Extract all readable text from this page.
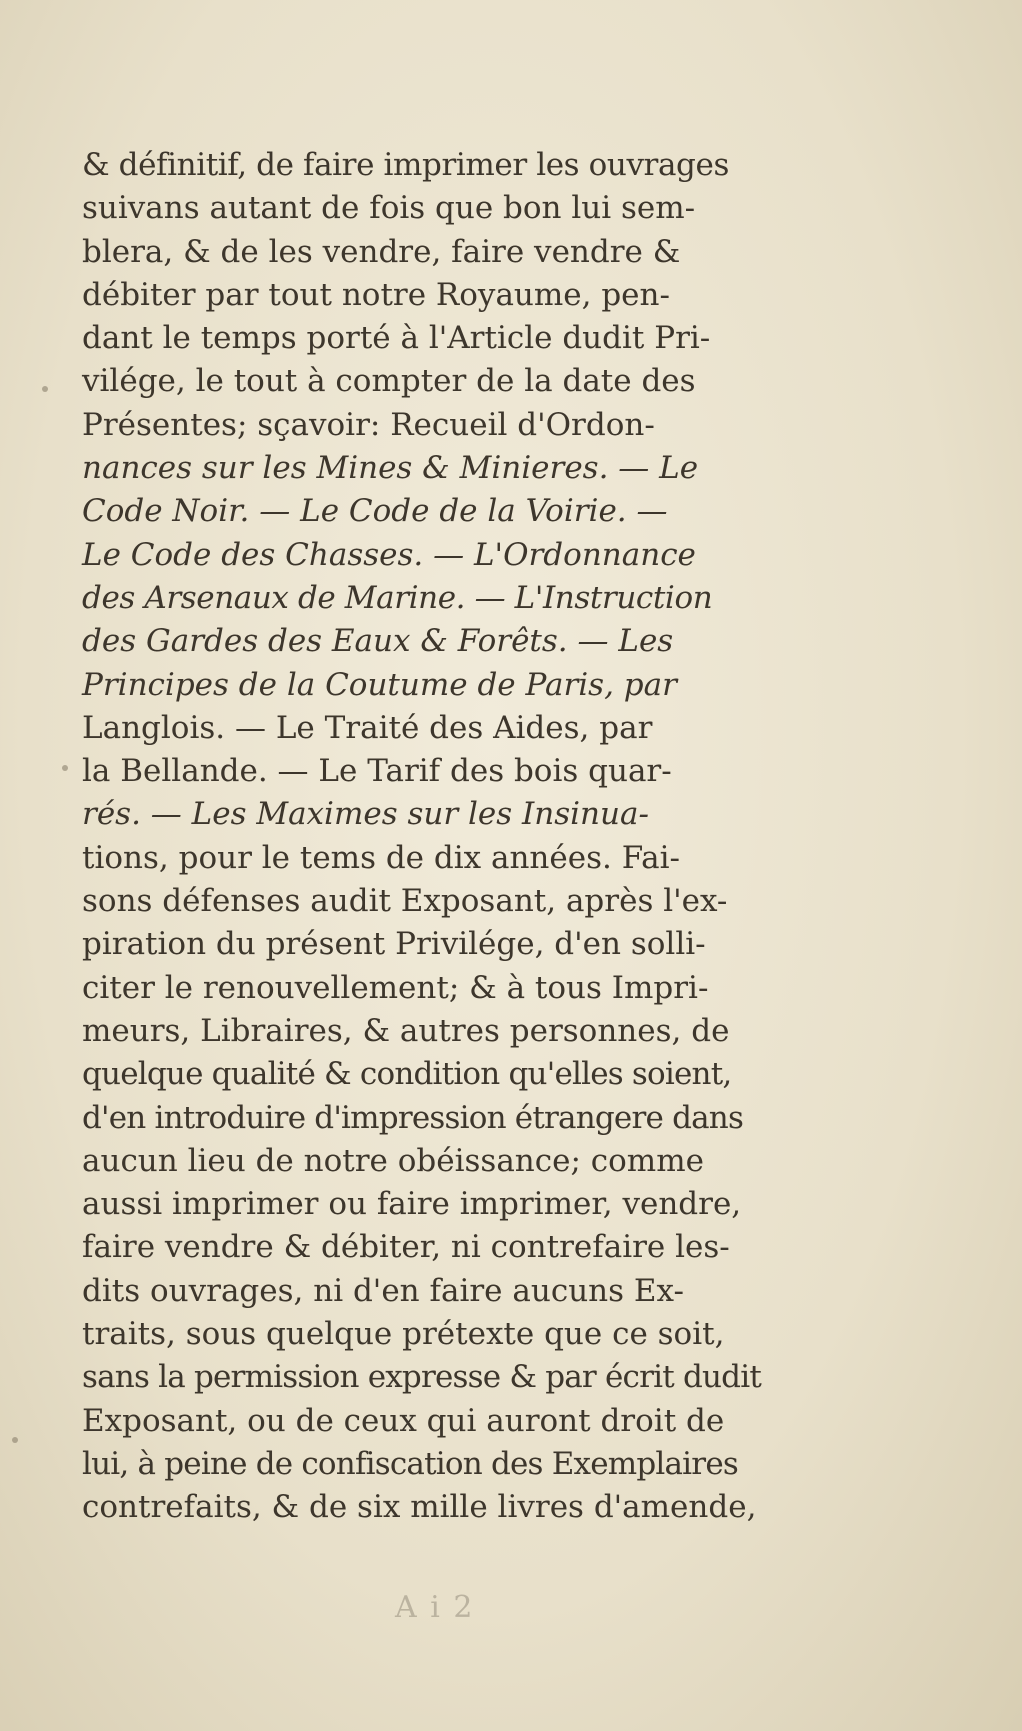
& définitif, de faire imprimer les ouvrages
suivans autant de fois que bon lui sem-
blera, & de les vendre, faire vendre &
débiter par tout notre Royaume, pen-
dant le temps porté à l'Article dudit Pri-
vilége, le tout à compter de la date des
Présentes; sçavoir: Recueil d'Ordon-
nances sur les Mines & Minieres. — Le
Code Noir. — Le Code de la Voirie. —
Le Code des Chasses. — L'Ordonnance
des Arsenaux de Marine. — L'Instruction
des Gardes des Eaux & Forêts. — Les
Principes de la Coutume de Paris, par
Langlois. — Le Traité des Aides, par
la Bellande. — Le Tarif des bois quar-
rés. — Les Maximes sur les Insinua-
tions, pour le tems de dix années. Fai-
sons défenses audit Exposant, après l'ex-
piration du présent Privilége, d'en solli-
citer le renouvellement; & à tous Impri-
meurs, Libraires, & autres personnes, de
quelque qualité & condition qu'elles soient,
d'en introduire d'impression étrangere dans
aucun lieu de notre obéissance; comme
aussi imprimer ou faire imprimer, vendre,
faire vendre & débiter, ni contrefaire les-
dits ouvrages, ni d'en faire aucuns Ex-
traits, sous quelque prétexte que ce soit,
sans la permission expresse & par écrit dudit
Exposant, ou de ceux qui auront droit de
lui, à peine de confiscation des Exemplaires
contrefaits, & de six mille livres d'amende,
A i 2
